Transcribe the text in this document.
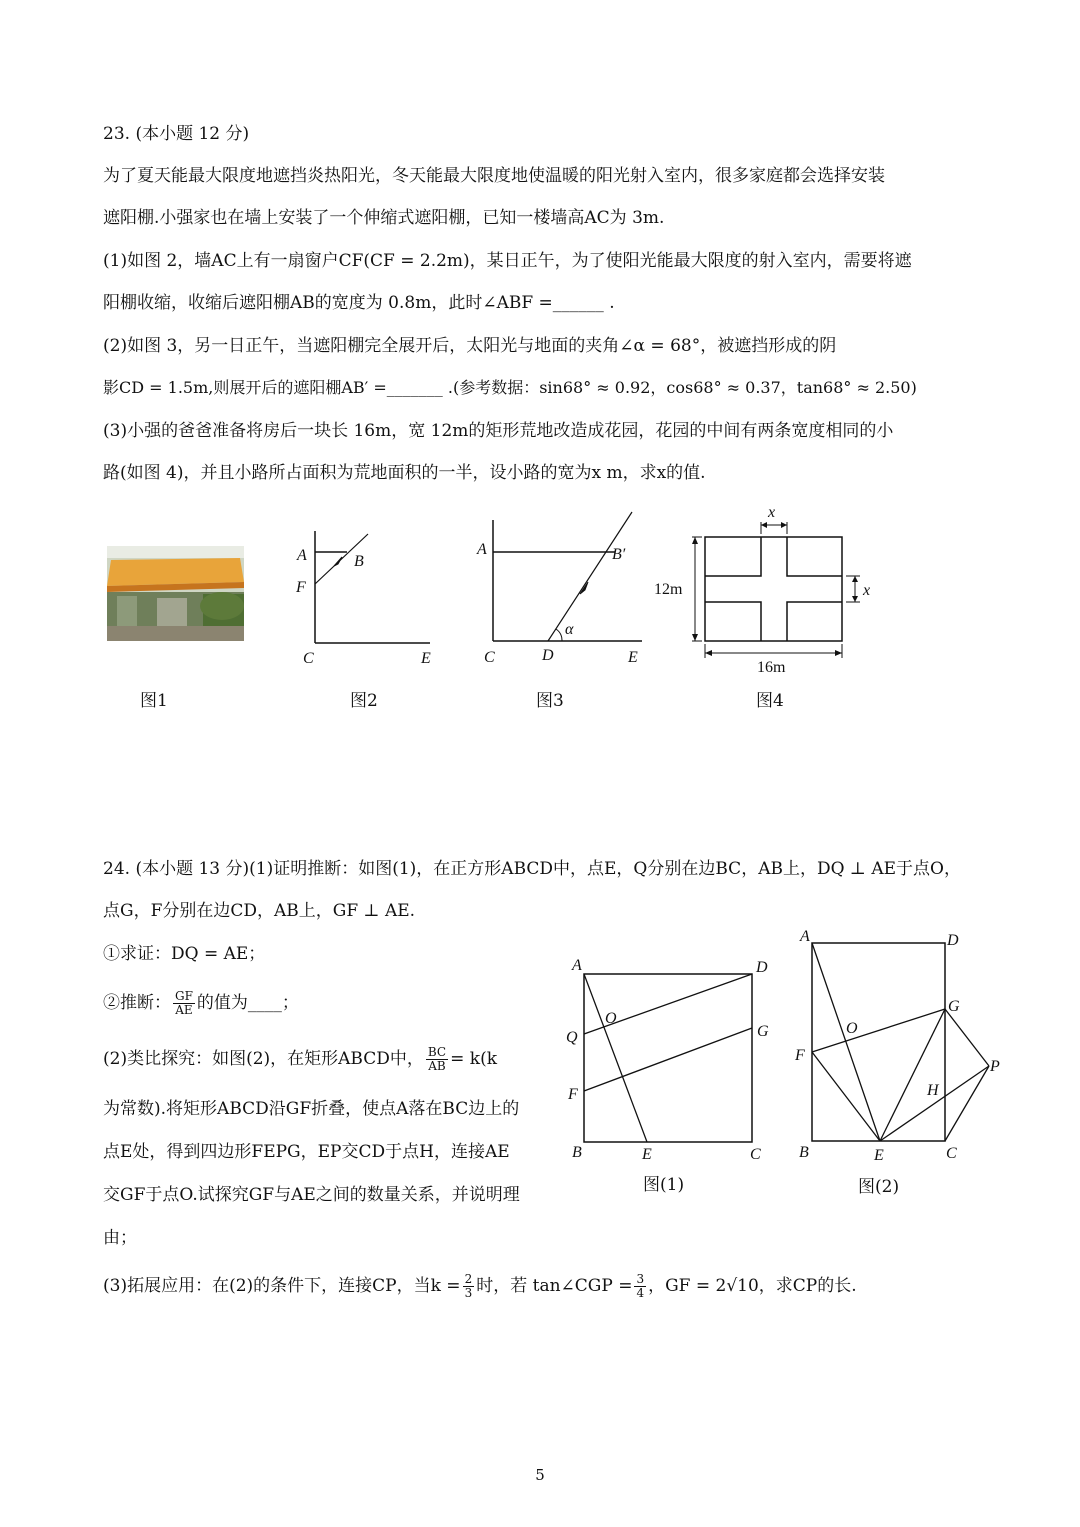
23. (本小题 12 分)
为了夏天能最大限度地遮挡炎热阳光，冬天能最大限度地使温暖的阳光射入室内，很多家庭都会选择安装
遮阳棚.小强家也在墙上安装了一个伸缩式遮阳棚，已知一楼墙高AC为 3m.
(1)如图 2，墙AC上有一扇窗户CF(CF = 2.2m)，某日正午，为了使阳光能最大限度的射入室内，需要将遮
阳棚收缩，收缩后遮阳棚AB的宽度为 0.8m，此时∠ABF =______ .
(2)如图 3，另一日正午，当遮阳棚完全展开后，太阳光与地面的夹角∠α = 68°，被遮挡形成的阴
影CD = 1.5m,则展开后的遮阳棚AB′ =_______ .(参考数据：sin68° ≈ 0.92，cos68° ≈ 0.37，tan68° ≈ 2.50)
(3)小强的爸爸准备将房后一块长 16m，宽 12m的矩形荒地改造成花园，花园的中间有两条宽度相同的小
路(如图 4)，并且小路所占面积为荒地面积的一半，设小路的宽为x m，求x的值.
A	B
F
C	E
A	B′
α
C	D	E
x
x
12m
16m
图1	图2	图3	图4
24. (本小题 13 分)(1)证明推断：如图(1)，在正方形ABCD中，点E，Q分别在边BC，AB上，DQ ⊥ AE于点O，
点G，F分别在边CD，AB上，GF ⊥ AE.
①求证：DQ = AE；
②推断： $\frac{GF}{AE}$ 的值为____；
(2)类比探究：如图(2)，在矩形ABCD中， $\frac{BC}{AB} = k(k$
为常数).将矩形ABCD沿GF折叠，使点A落在BC边上的
点E处，得到四边形FEPG，EP交CD于点H，连接AE
交GF于点O.试探究GF与AE之间的数量关系，并说明理
由；
(3)拓展应用：在(2)的条件下，连接CP，当$k = \frac{2}{3}$ 时，若 tan∠CGP = $\frac{3}{4}$ ，GF = 2√10，求CP的长.
A	D
O
Q	G
F
B	E	C
图(1)
A	D
O
G
F
P
H
B	E	C
图(2)
5
